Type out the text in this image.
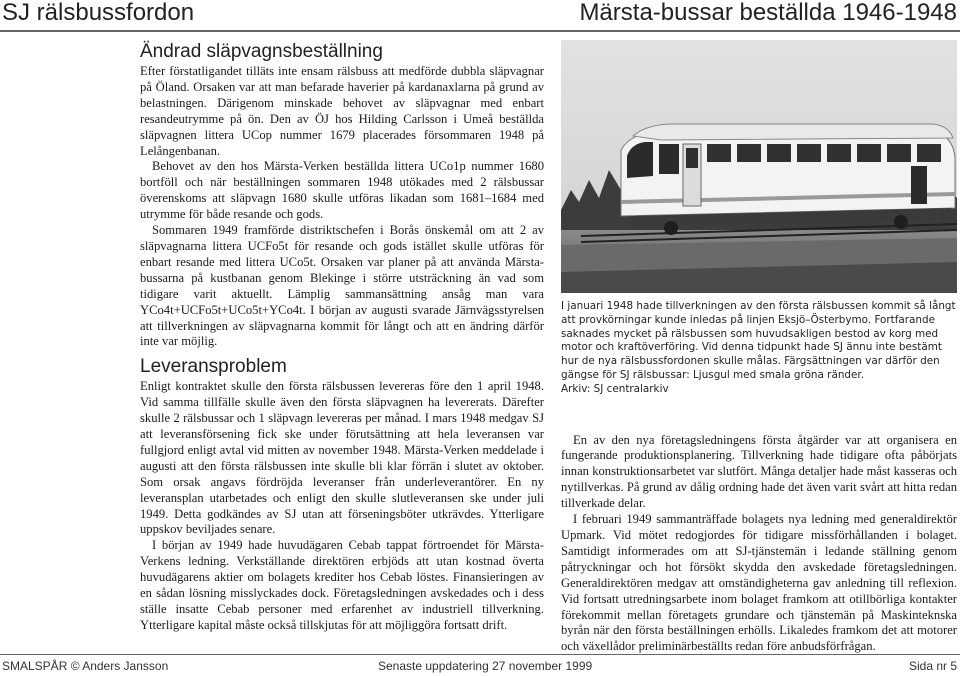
SJ rälsbussfordon	Märsta-bussar beställda 1946-1948
Ändrad släpvagnsbeställning

Efter förstatligandet tilläts inte ensam rälsbuss att medförde dubbla släpvagnar på Öland. Orsaken var att man befarade haverier på kardanaxlarna på grund av belastningen. Därigenom minskade behovet av släpvagnar med enbart resandeutrymme på ön. Den av ÖJ hos Hilding Carlsson i Umeå beställda släpvagnen littera UCop nummer 1679 placerades försommaren 1948 på Lelångenbanan.

Behovet av den hos Märsta-Verken beställda littera UCo1p nummer 1680 bortföll och när beställningen sommaren 1948 utökades med 2 rälsbussar överenskoms att släpvagn 1680 skulle utföras likadan som 1681–1684 med utrymme för både resande och gods.

Sommaren 1949 framförde distriktschefen i Borås önskemål om att 2 av släpvagnarna littera UCFo5t för resande och gods istället skulle utföras för enbart resande med littera UCo5t. Orsaken var planer på att använda Märsta-bussarna på kustbanan genom Blekinge i större utsträckning än vad som tidigare varit aktuellt. Lämplig sammansättning ansåg man vara YCo4t+UCFo5t+UCo5t+YCo4t. I början av augusti svarade Järnvägsstyrelsen att tillverkningen av släpvagnarna kommit för långt och att en ändring därför inte var möjlig.

Leveransproblem

Enligt kontraktet skulle den första rälsbussen levereras före den 1 april 1948. Vid samma tillfälle skulle även den första släpvagnen ha levererats. Därefter skulle 2 rälsbussar och 1 släpvagn levereras per månad. I mars 1948 medgav SJ att leveransförsening fick ske under förutsättning att hela leveransen var fullgjord enligt avtal vid mitten av november 1948. Märsta-Verken meddelade i augusti att den första rälsbussen inte skulle bli klar förrän i slutet av oktober. Som orsak angavs fördröjda leveranser från underleverantörer. En ny leveransplan utarbetades och enligt den skulle slutleveransen ske under juli 1949. Detta godkändes av SJ utan att förseningsböter utkrävdes. Ytterligare uppskov beviljades senare.

I början av 1949 hade huvudägaren Cebab tappat förtroendet för Märsta-Verkens ledning. Verkställande direktören erbjöds att utan kostnad överta huvudägarens aktier om bolagets krediter hos Cebab löstes. Finansieringen av en sådan lösning misslyckades dock. Företagsledningen avskedades och i dess ställe insatte Cebab personer med erfarenhet av industriell tillverkning. Ytterligare kapital måste också tillskjutas för att möjliggöra fortsatt drift.

I januari 1948 hade tillverkningen av den första rälsbussen kommit så långt att provkörningar kunde inledas på linjen Eksjö–Österbymo. Fortfarande saknades mycket på rälsbussen som huvudsakligen bestod av korg med motor och kraftöverföring. Vid denna tidpunkt hade SJ ännu inte bestämt hur de nya rälsbussfordonen skulle målas. Färgsättningen var därför den gängse för SJ rälsbussar: Ljusgul med smala gröna ränder.
Arkiv: SJ centralarkiv

En av den nya företagsledningens första åtgärder var att organisera en fungerande produktionsplanering. Tillverkning hade tidigare ofta påbörjats innan konstruktionsarbetet var slutfört. Många detaljer hade måst kasseras och nytillverkas. På grund av dålig ordning hade det även varit svårt att hitta redan tillverkade delar.

I februari 1949 sammanträffade bolagets nya ledning med generaldirektör Upmark. Vid mötet redogjordes för tidigare missförhållanden i bolaget. Samtidigt informerades om att SJ-tjänstemän i ledande ställning genom påtryckningar och hot försökt skydda den avskedade företagsledningen. Generaldirektören medgav att omständigheterna gav anledning till reflexion. Vid fortsatt utredningsarbete inom bolaget framkom att otillbörliga kontakter förekommit mellan företagets grundare och tjänstemän på Maskinteknska byrån när den första beställningen erhölls. Likaledes framkom det att motorer och växellådor preliminärbeställts redan före anbudsförfrågan.

SMALSPÅR © Anders Jansson	Senaste uppdatering 27 november 1999	Sida nr 5
